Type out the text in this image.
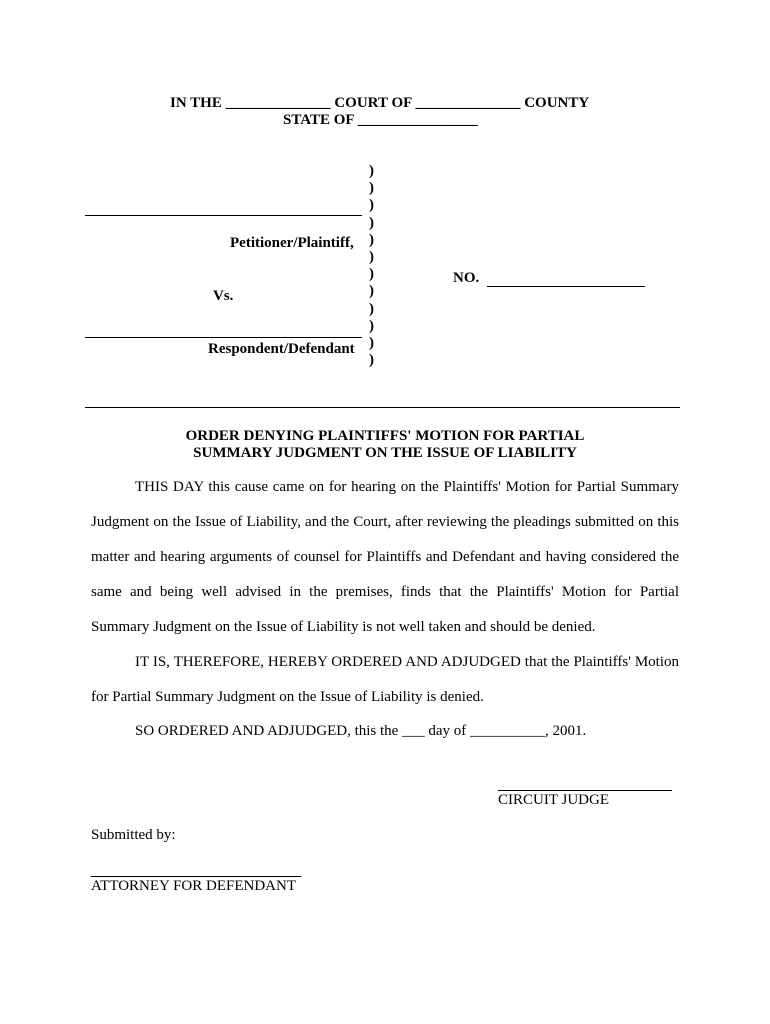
IN THE ______________ COURT OF ______________ COUNTY
STATE OF ________________
Petitioner/Plaintiff,
Vs.
Respondent/Defendant
)
)
)
)
)
)
)
)
)
)
)
)
NO.
ORDER DENYING PLAINTIFFS' MOTION FOR PARTIAL
SUMMARY JUDGMENT ON THE ISSUE OF LIABILITY
THIS DAY this cause came on for hearing on the Plaintiffs' Motion for Partial Summary Judgment on the Issue of Liability, and the Court, after reviewing the pleadings submitted on this matter and hearing arguments of counsel for Plaintiffs and Defendant and having considered the same and being well advised in the premises, finds that the Plaintiffs' Motion for Partial Summary Judgment on the Issue of Liability is not well taken and should be denied.
IT IS, THEREFORE, HEREBY ORDERED AND ADJUDGED that the Plaintiffs' Motion for Partial Summary Judgment on the Issue of Liability is denied.
SO ORDERED AND ADJUDGED, this the ___ day of __________, 2001.
CIRCUIT JUDGE
Submitted by:
ATTORNEY FOR DEFENDANT
